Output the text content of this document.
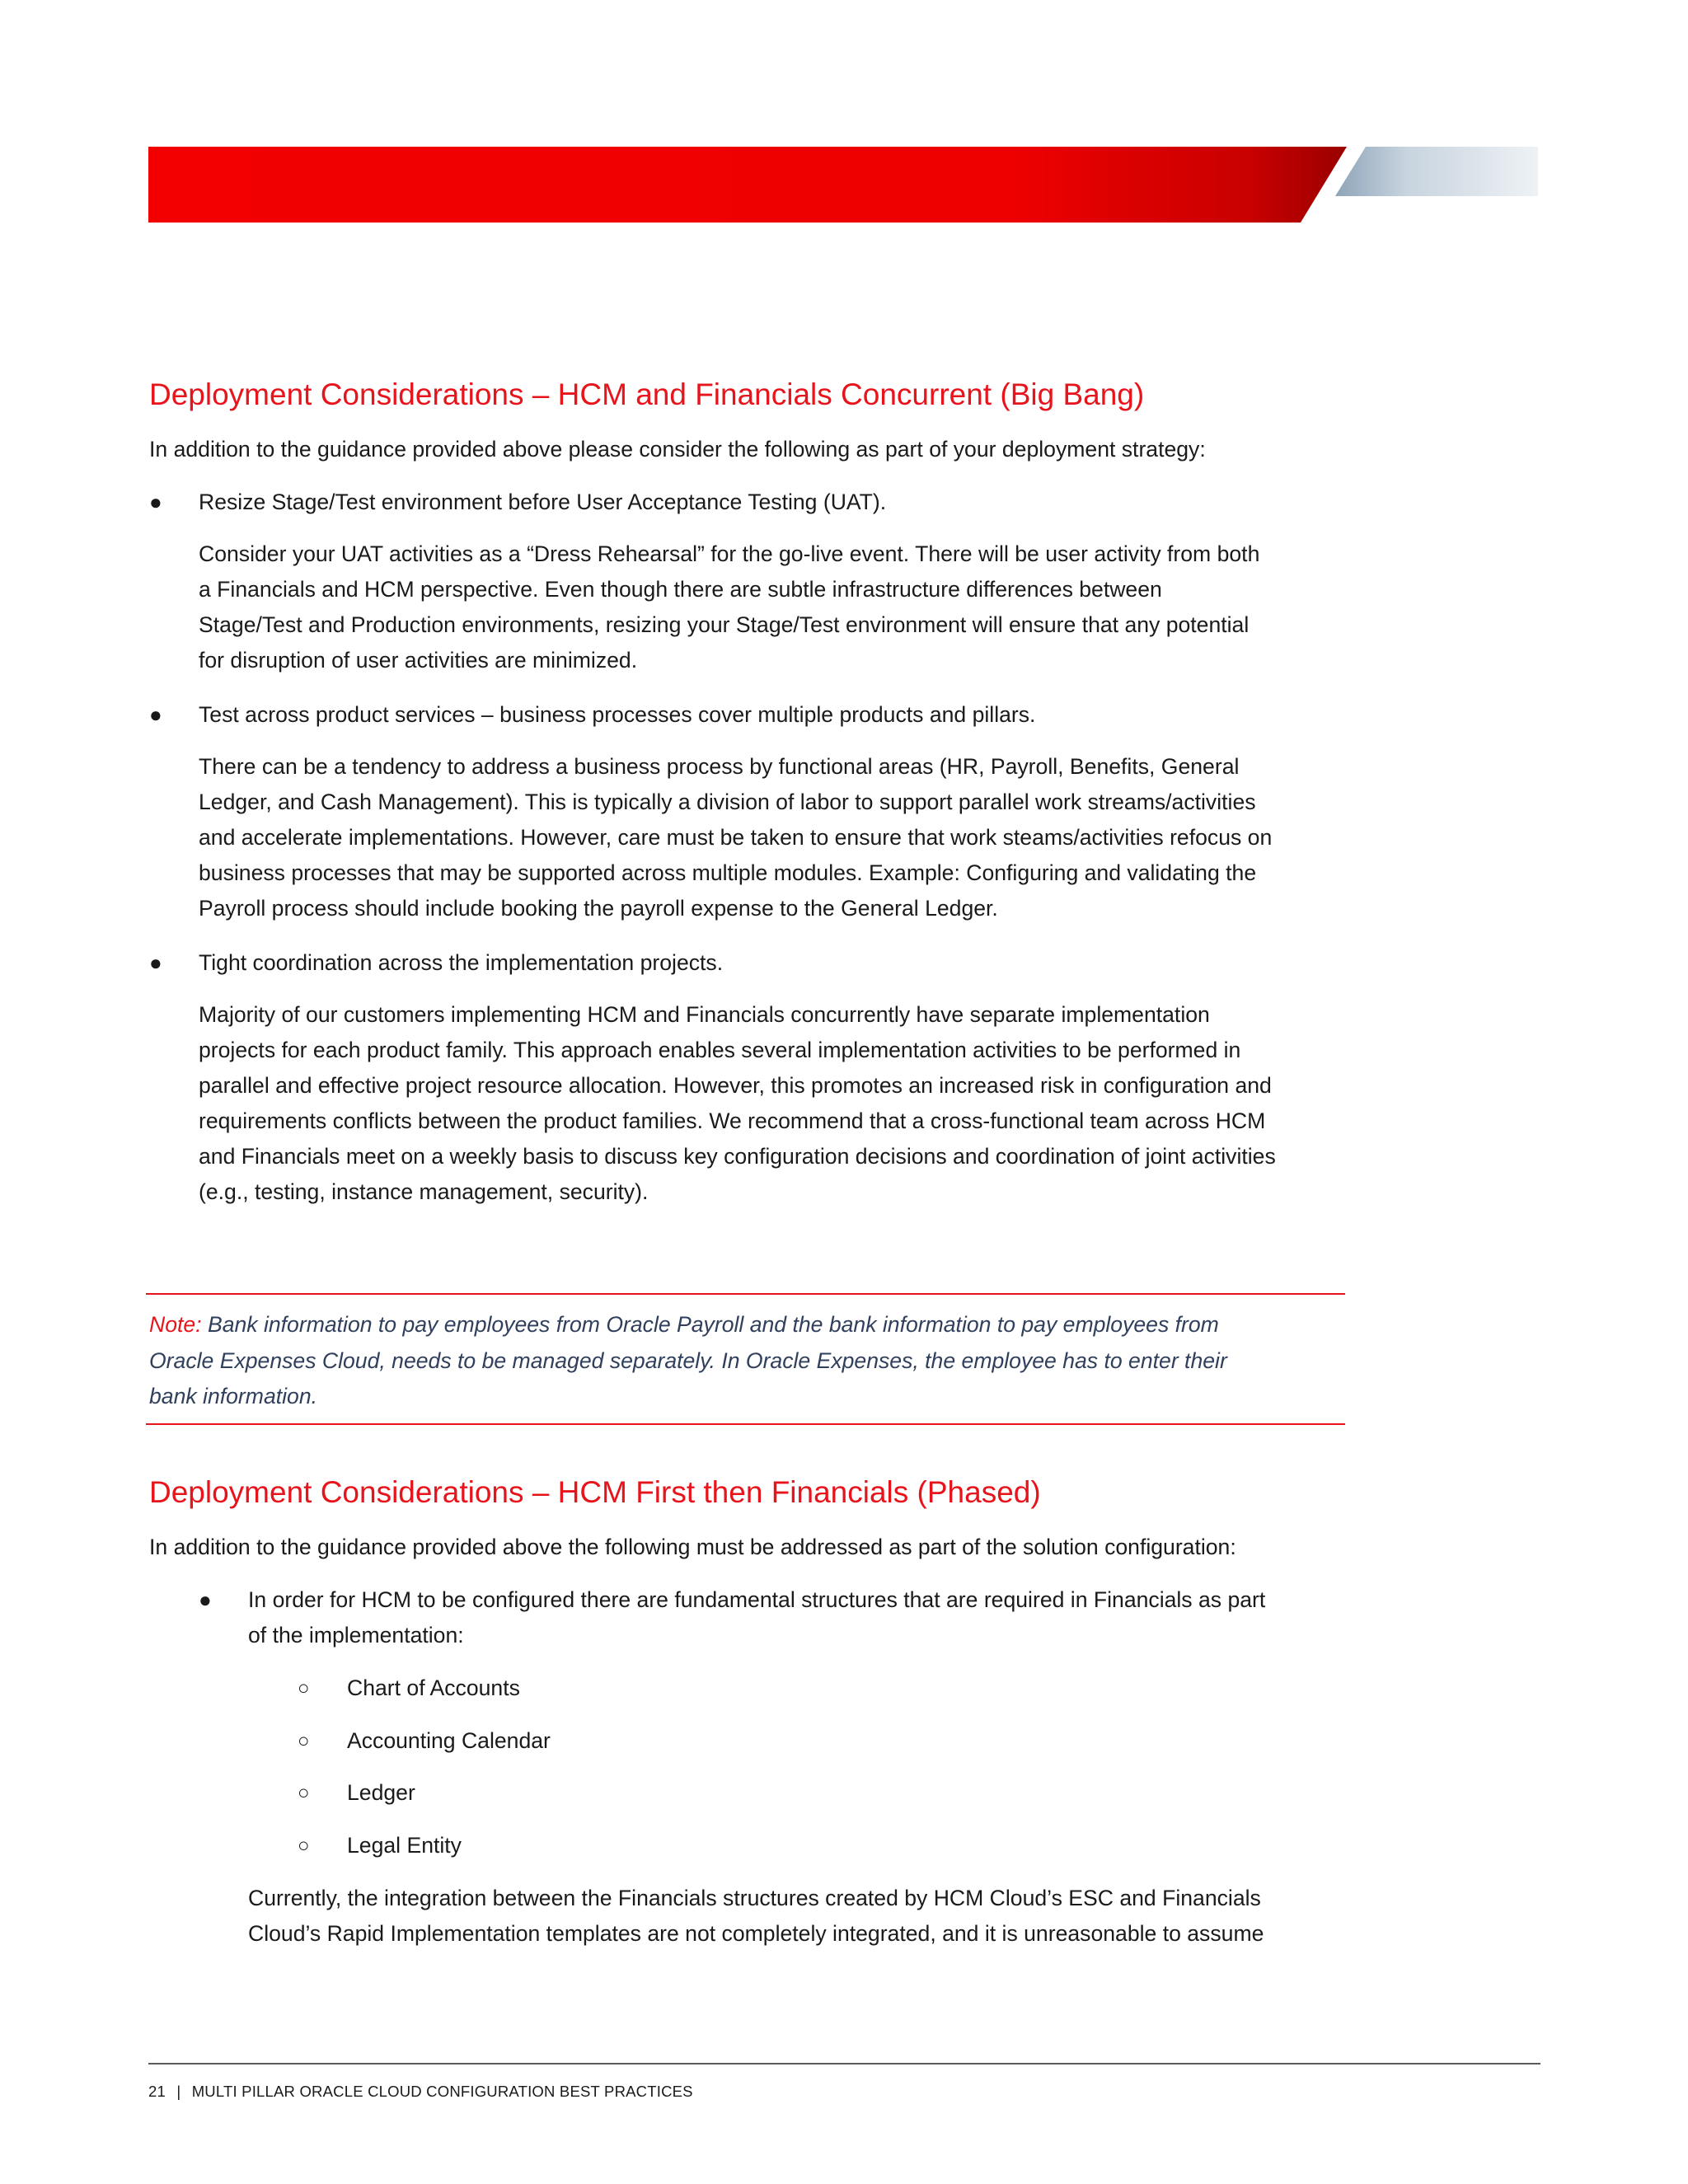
Deployment Considerations – HCM and Financials Concurrent (Big Bang)

In addition to the guidance provided above please consider the following as part of your deployment strategy:

● Resize Stage/Test environment before User Acceptance Testing (UAT).

Consider your UAT activities as a “Dress Rehearsal” for the go-live event. There will be user activity from both

a Financials and HCM perspective. Even though there are subtle infrastructure differences between

Stage/Test and Production environments, resizing your Stage/Test environment will ensure that any potential

for disruption of user activities are minimized.

● Test across product services – business processes cover multiple products and pillars.

There can be a tendency to address a business process by functional areas (HR, Payroll, Benefits, General

Ledger, and Cash Management). This is typically a division of labor to support parallel work streams/activities

and accelerate implementations. However, care must be taken to ensure that work steams/activities refocus on

business processes that may be supported across multiple modules. Example: Configuring and validating the

Payroll process should include booking the payroll expense to the General Ledger.

● Tight coordination across the implementation projects.

Majority of our customers implementing HCM and Financials concurrently have separate implementation

projects for each product family. This approach enables several implementation activities to be performed in

parallel and effective project resource allocation. However, this promotes an increased risk in configuration and

requirements conflicts between the product families. We recommend that a cross-functional team across HCM

and Financials meet on a weekly basis to discuss key configuration decisions and coordination of joint activities

(e.g., testing, instance management, security).

Note: Bank information to pay employees from Oracle Payroll and the bank information to pay employees from
Oracle Expenses Cloud, needs to be managed separately. In Oracle Expenses, the employee has to enter their
bank information.
Deployment Considerations – HCM First then Financials (Phased)

In addition to the guidance provided above the following must be addressed as part of the solution configuration:

● In order for HCM to be configured there are fundamental structures that are required in Financials as part

of the implementation:

○ Chart of Accounts

○ Accounting Calendar

○ Ledger

○ Legal Entity

Currently, the integration between the Financials structures created by HCM Cloud’s ESC and Financials

Cloud’s Rapid Implementation templates are not completely integrated, and it is unreasonable to assume

21 | MULTI PILLAR ORACLE CLOUD CONFIGURATION BEST PRACTICES
